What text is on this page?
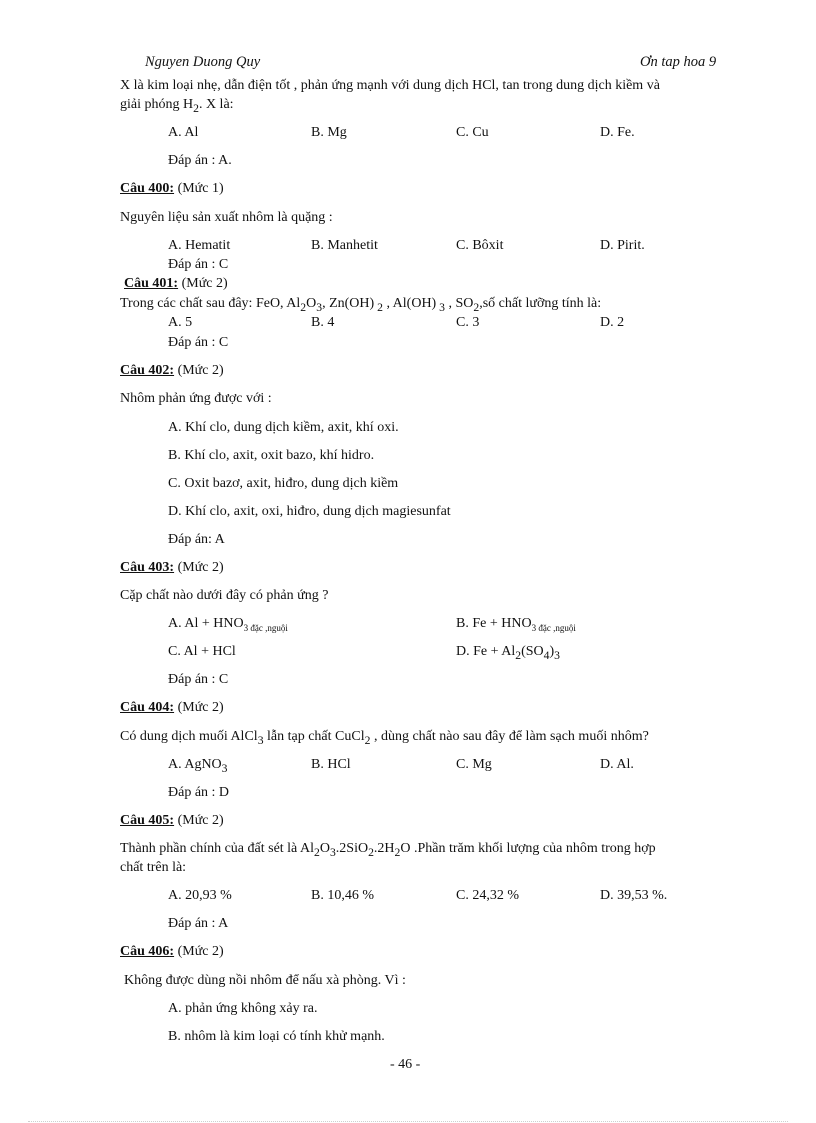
Nguyen Duong Quy	Ơn tap hoa 9
X là kim loại nhẹ, dẫn điện tốt , phản ứng mạnh với dung dịch HCl, tan trong dung dịch kiềm và
giải phóng $H_2$. X là:
A. Al	B. Mg	C. Cu	D. Fe.
Đáp án : A.
Câu 400: (Mức 1)
Nguyên liệu sản xuất nhôm là quặng :
A. Hematit	B. Manhetit	C. Bôxit	D. Pirit.
Đáp án : C
Câu 401: (Mức 2)
Trong các chất sau đây: FeO, $Al_2O_3$, Zn(OH) $_2$ , Al(OH) $_3$ , $SO_2,số$ chất lưỡng tính là:
A. 5	B. 4	C. 3	D. 2
Đáp án : C
Câu 402: (Mức 2)
Nhôm phản ứng được với :
A. Khí clo, dung dịch kiềm, axit, khí oxi.
B. Khí clo, axit, oxit bazo, khí hidro.
C. Oxit bazơ, axit, hiđro, dung dịch kiềm
D. Khí clo, axit, oxi, hiđro, dung dịch magiesunfat
Đáp án: A
Câu 403: (Mức 2)
Cặp chất nào dưới đây có phản ứng ?
A. $Al + HNO_{3 đặc ,nguội}$	B. $Fe + HNO_{3 đặc ,nguội}$
C. Al + HCl	D. $Fe + Al_2(SO_4)_3$
Đáp án : C
Câu 404: (Mức 2)
Có dung dịch muối AlCl$_3$ lẫn tạp chất CuCl$_2$ , dùng chất nào sau đây để làm sạch muối nhôm?
A. AgNO$_3$	B. HCl	C. Mg	D. Al.
Đáp án : D
Câu 405: (Mức 2)
Thành phần chính của đất sét là $Al_2O_3.2SiO_2.2H_2O$ .Phần trăm khối lượng của nhôm trong hợp
chất trên là:
A. 20,93 %	B. 10,46 %	C. 24,32 %	D. 39,53 %.
Đáp án : A
Câu 406: (Mức 2)
Không được dùng nồi nhôm để nấu xà phòng. Vì :
A. phản ứng không xảy ra.
B. nhôm là kim loại có tính khử mạnh.
- 46 -
